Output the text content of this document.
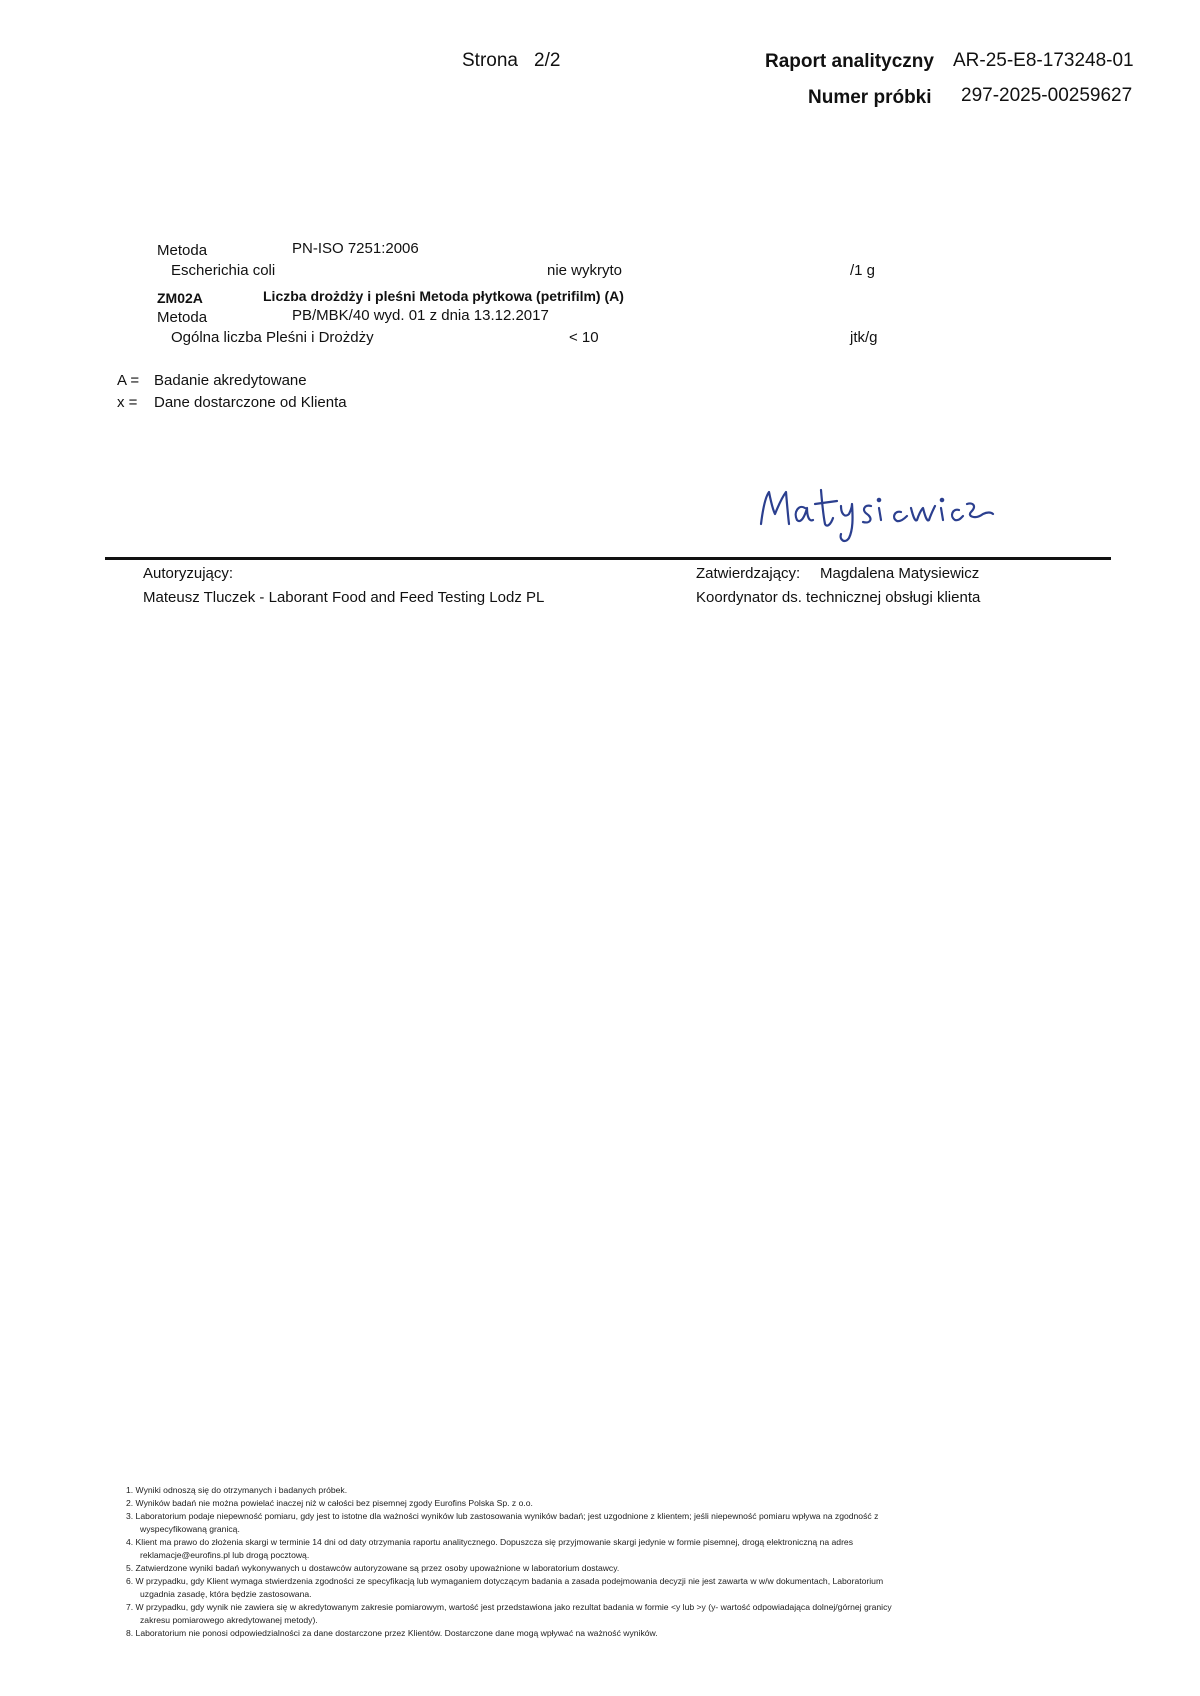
Strona 2/2	Raport analityczny AR-25-E8-173248-01
Numer próbki 297-2025-00259627
Metoda	PN-ISO 7251:2006
Escherichia coli	nie wykryto	/1 g
ZM02A	Liczba drożdży i pleśni Metoda płytkowa (petrifilm) (A)
Metoda	PB/MBK/40 wyd. 01 z dnia 13.12.2017
Ogólna liczba Pleśni i Drożdży	< 10	jtk/g
A = Badanie akredytowane
x = Dane dostarczone od Klienta
Autoryzujący:
Mateusz Tluczek - Laborant Food and Feed Testing Lodz PL
Zatwierdzający: Magdalena Matysiewicz
Koordynator ds. technicznej obsługi klienta
1. Wyniki odnoszą się do otrzymanych i badanych próbek.
2. Wyników badań nie można powielać inaczej niż w całości bez pisemnej zgody Eurofins Polska Sp. z o.o.
3. Laboratorium podaje niepewność pomiaru, gdy jest to istotne dla ważności wyników lub zastosowania wyników badań; jest uzgodnione z klientem; jeśli niepewność pomiaru wpływa na zgodność z
wyspecyfikowaną granicą.
4. Klient ma prawo do złożenia skargi w terminie 14 dni od daty otrzymania raportu analitycznego. Dopuszcza się przyjmowanie skargi jedynie w formie pisemnej, drogą elektroniczną na adres
reklamacje@eurofins.pl lub drogą pocztową.
5. Zatwierdzone wyniki badań wykonywanych u dostawców autoryzowane są przez osoby upoważnione w laboratorium dostawcy.
6. W przypadku, gdy Klient wymaga stwierdzenia zgodności ze specyfikacją lub wymaganiem dotyczącym badania a zasada podejmowania decyzji nie jest zawarta w w/w dokumentach, Laboratorium
uzgadnia zasadę, która będzie zastosowana.
7. W przypadku, gdy wynik nie zawiera się w akredytowanym zakresie pomiarowym, wartość jest przedstawiona jako rezultat badania w formie <y lub >y (y- wartość odpowiadająca dolnej/górnej granicy
zakresu pomiarowego akredytowanej metody).
8. Laboratorium nie ponosi odpowiedzialności za dane dostarczone przez Klientów. Dostarczone dane mogą wpływać na ważność wyników.
